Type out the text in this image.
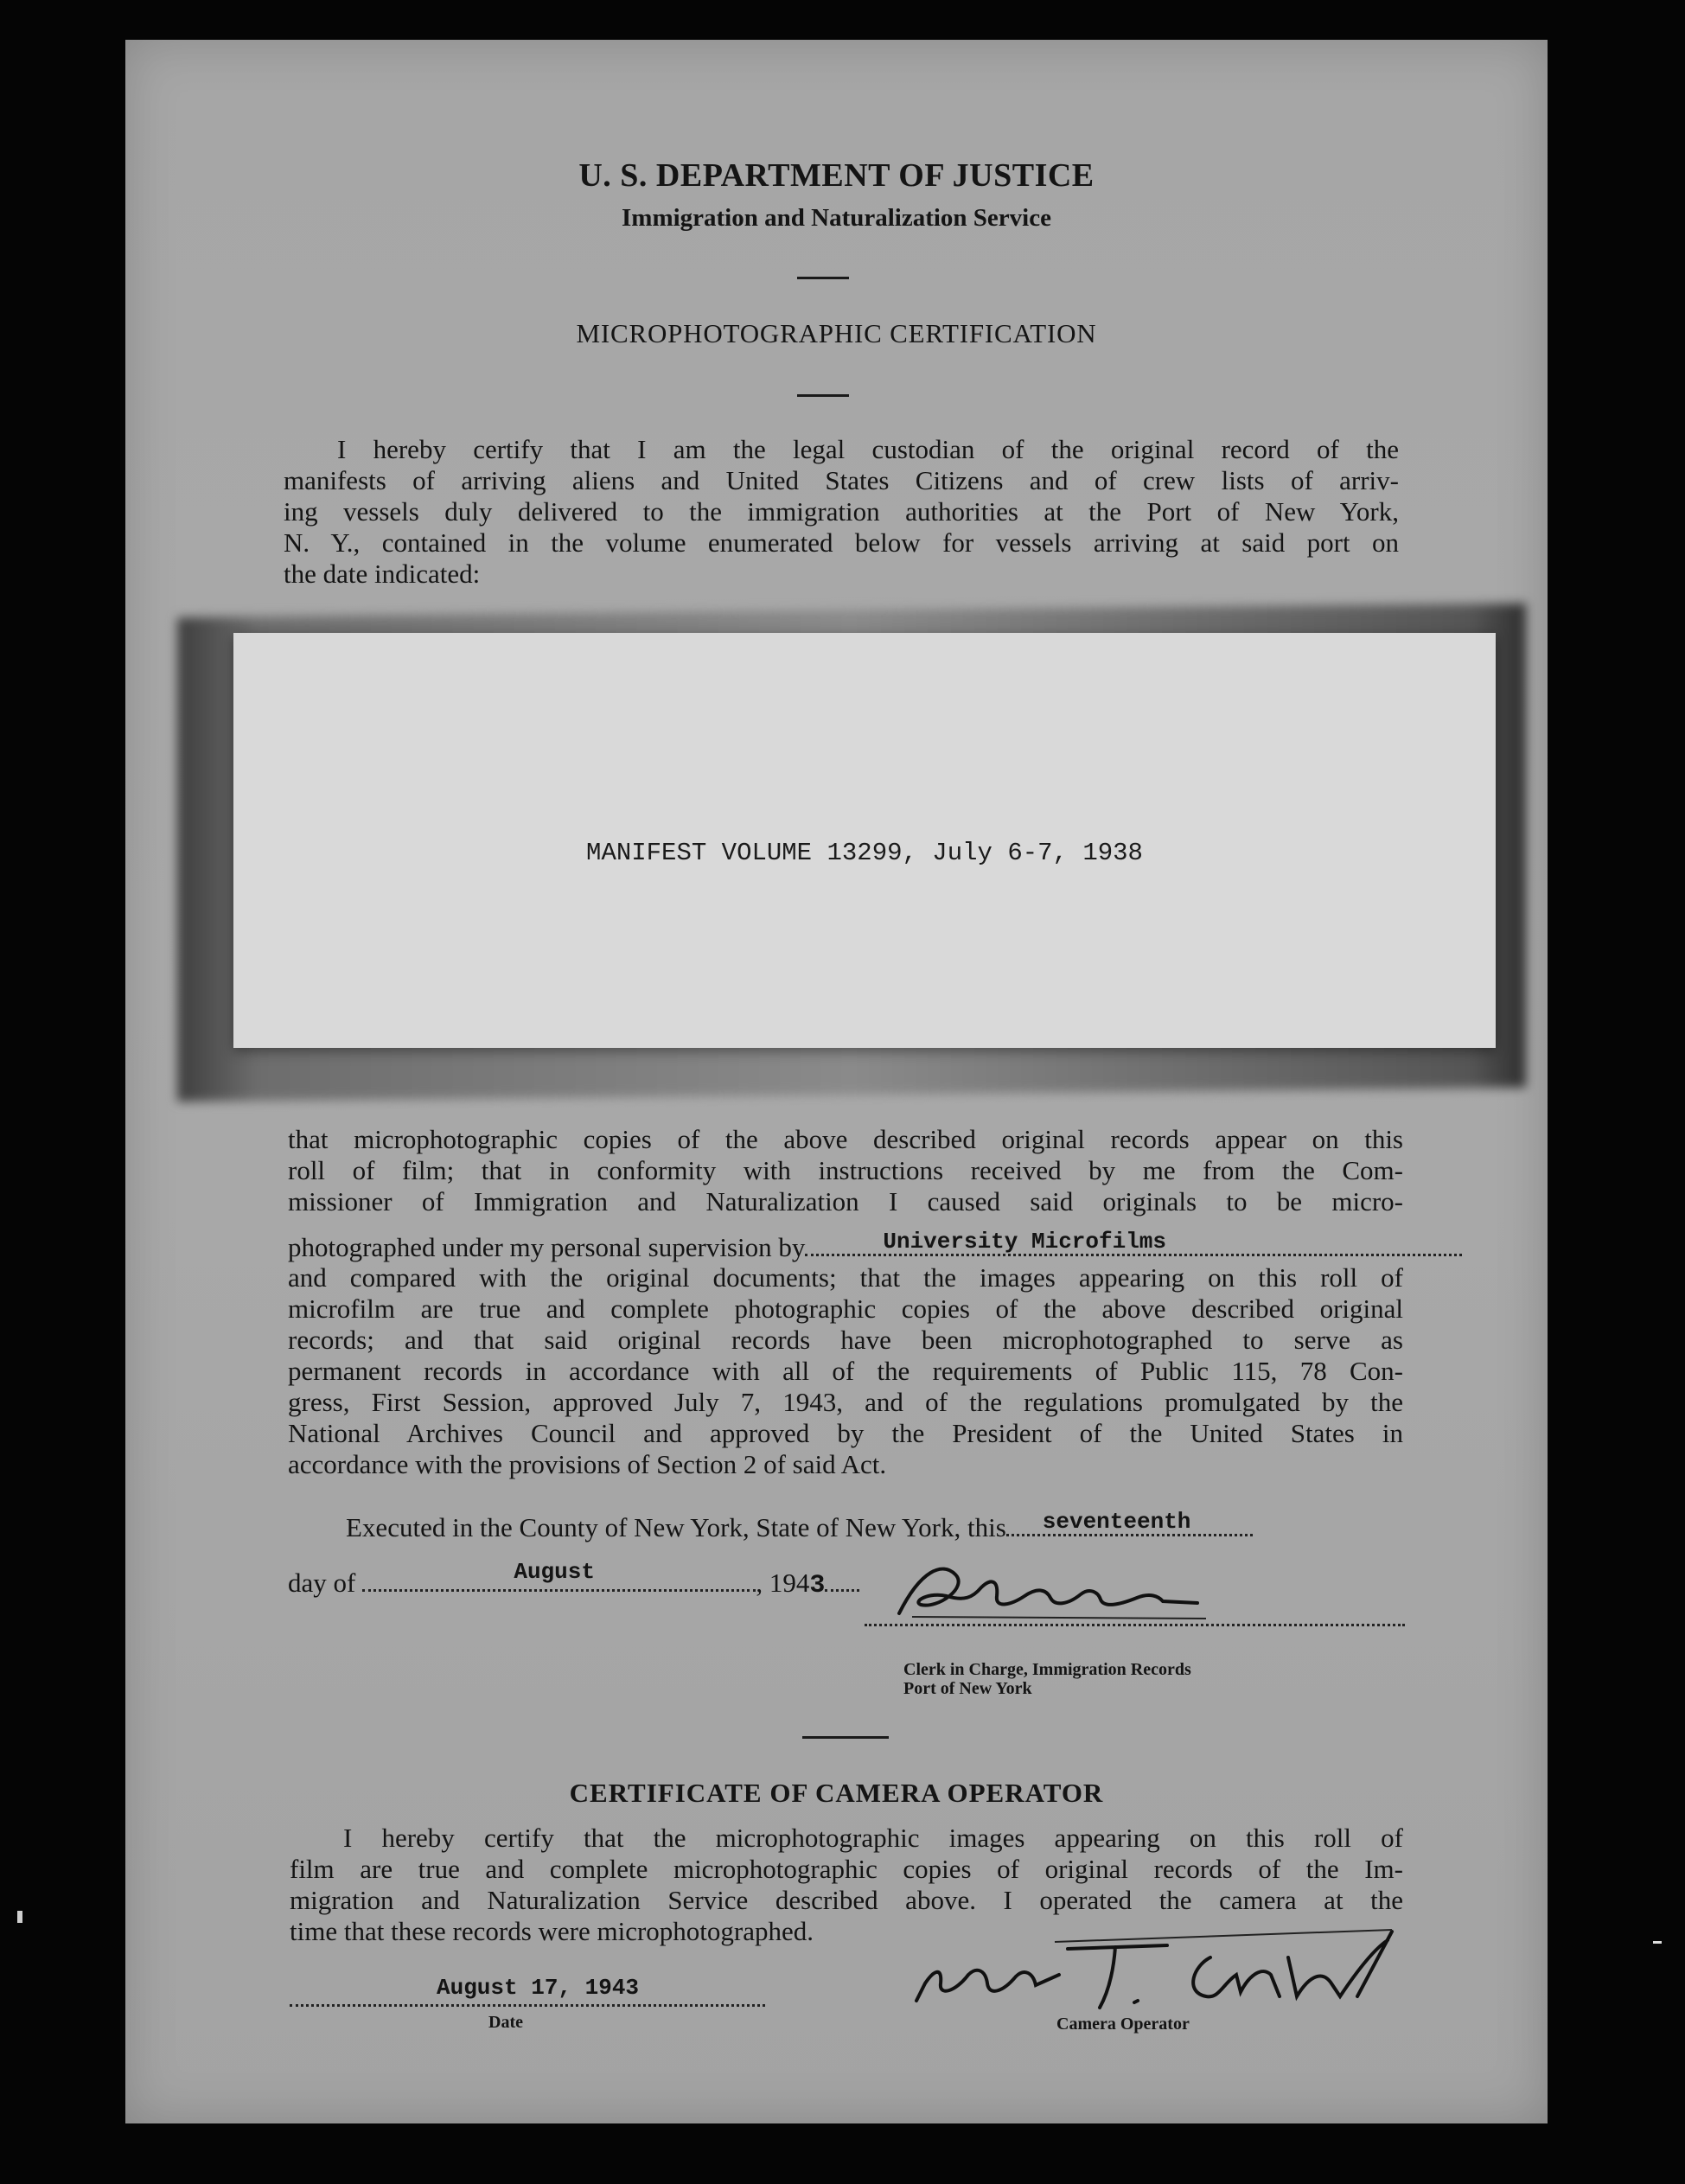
U. S. DEPARTMENT OF JUSTICE
Immigration and Naturalization Service
MICROPHOTOGRAPHIC CERTIFICATION
I hereby certify that I am the legal custodian of the original record of the
manifests of arriving aliens and United States Citizens and of crew lists of arriv-
ing vessels duly delivered to the immigration authorities at the Port of New York,
N. Y., contained in the volume enumerated below for vessels arriving at said port on
the date indicated:
MANIFEST VOLUME 13299, July 6-7, 1938
that microphotographic copies of the above described original records appear on this
roll of film; that in conformity with instructions received by me from the Com-
missioner of Immigration and Naturalization I caused said originals to be micro-
photographed under my personal supervision by	University Microfilms
and compared with the original documents; that the images appearing on this roll of
microfilm are true and complete photographic copies of the above described original
records; and that said original records have been microphotographed to serve as
permanent records in accordance with all of the requirements of Public 115, 78 Con-
gress, First Session, approved July 7, 1943, and of the regulations promulgated by the
National Archives Council and approved by the President of the United States in
accordance with the provisions of Section 2 of said Act.
Executed in the County of New York, State of New York, this seventeenth
day of	August	, 1943
Clerk in Charge, Immigration Records
Port of New York
CERTIFICATE OF CAMERA OPERATOR
I hereby certify that the microphotographic images appearing on this roll of
film are true and complete microphotographic copies of original records of the Im-
migration and Naturalization Service described above. I operated the camera at the
time that these records were microphotographed.
August 17, 1943
Date	Camera Operator
